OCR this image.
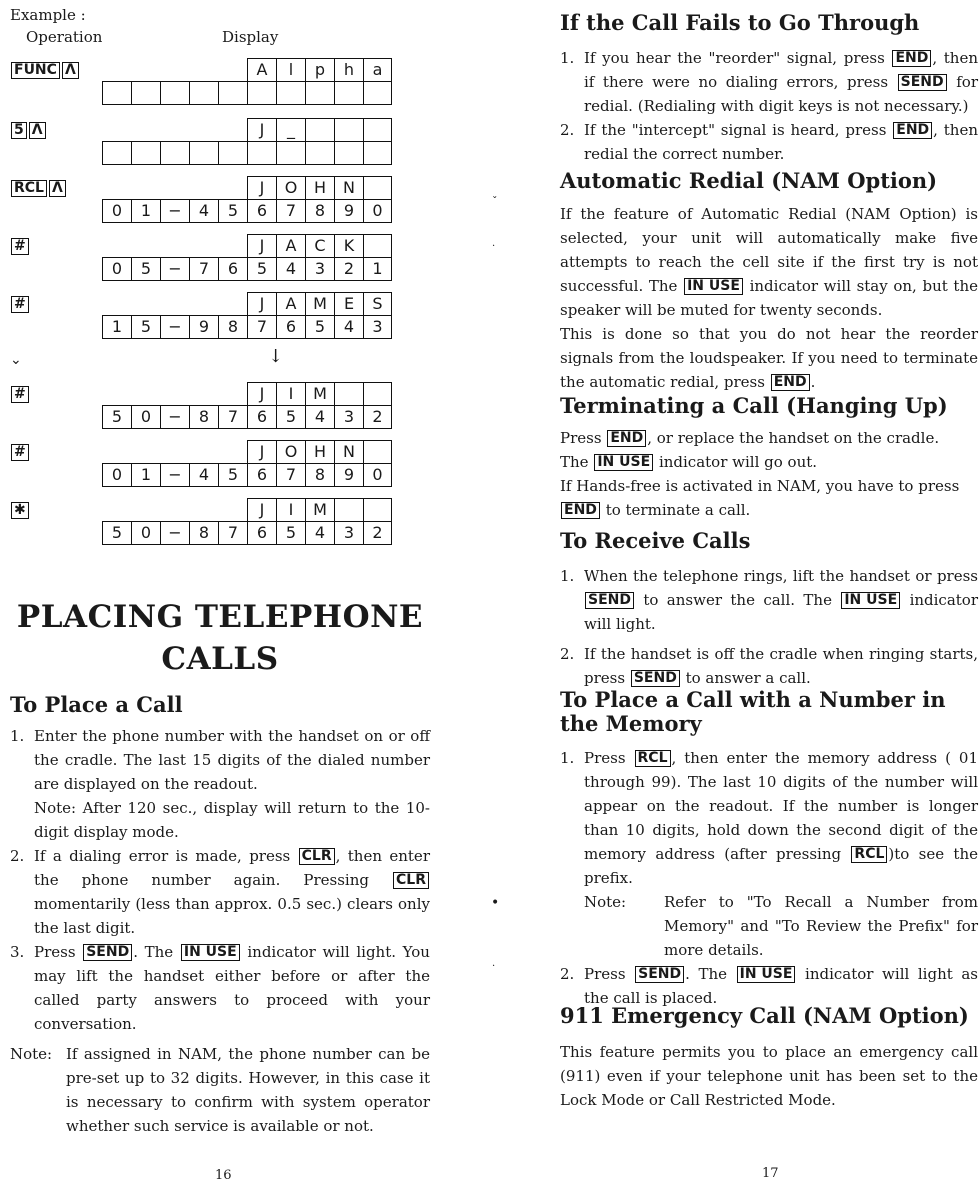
Example :
Operation	Display
FUNC Λ	A	l	p	h	a
5 Λ	J	_
RCL Λ	J	O	H	N
0	1	−	4	5	6	7	8	9	0
#	J	A	C	K
0	5	−	7	6	5	4	3	2	1
#	J	A	M	E	S
1	5	−	9	8	7	6	5	4	3
#	J	I	M
5	0	−	8	7	6	5	4	3	2
#	J	O	H	N
0	1	−	4	5	6	7	8	9	0
✱	J	I	M
5	0	−	8	7	6	5	4	3	2
⌄	↓
PLACING TELEPHONE
CALLS
To Place a Call
1. Enter the phone number with the handset on or off the cradle. The last 15 digits of the dialed number are displayed on the readout.
Note: After 120 sec., display will return to the 10-digit display mode.
2. If a dialing error is made, press CLR , then enter the phone number again. Pressing CLR momentarily (less than approx. 0.5 sec.) clears only the last digit.
3. Press SEND . The IN USE indicator will light. You may lift the handset either before or after the called party answers to proceed with your conversation.
Note: If assigned in NAM, the phone number can be pre-set up to 32 digits. However, in this case it is necessary to confirm with system operator whether such service is available or not.
16
ˇ
.
•
.
If the Call Fails to Go Through
1. If you hear the "reorder" signal, press END , then if there were no dialing errors, press SEND for redial. (Redialing with digit keys is not necessary.)
2. If the "intercept" signal is heard, press END , then redial the correct number.
Automatic Redial (NAM Option)

If the feature of Automatic Redial (NAM Option) is selected, your unit will automatically make five attempts to reach the cell site if the first try is not successful. The IN USE indicator will stay on, but the speaker will be muted for twenty seconds.

This is done so that you do not hear the reorder signals from the loudspeaker. If you need to terminate the automatic redial, press END .

Terminating a Call (Hanging Up)

Press END , or replace the handset on the cradle.

The IN USE indicator will go out.

If Hands-free is activated in NAM, you have to press END to terminate a call.

To Receive Calls
1. When the telephone rings, lift the handset or press SEND to answer the call. The IN USE indicator will light.
2. If the handset is off the cradle when ringing starts, press SEND to answer a call.
To Place a Call with a Number in the Memory
1. Press RCL , then enter the memory address ( 01 through 99). The last 10 digits of the number will appear on the readout. If the number is longer than 10 digits, hold down the second digit of the memory address (after pressing RCL )to see the prefix.
Note:	Refer to "To Recall a Number from Memory" and "To Review the Prefix" for more details.
2. Press SEND . The IN USE indicator will light as the call is placed.
911 Emergency Call (NAM Option)
This feature permits you to place an emergency call (911) even if your telephone unit has been set to the Lock Mode or Call Restricted Mode.
17
